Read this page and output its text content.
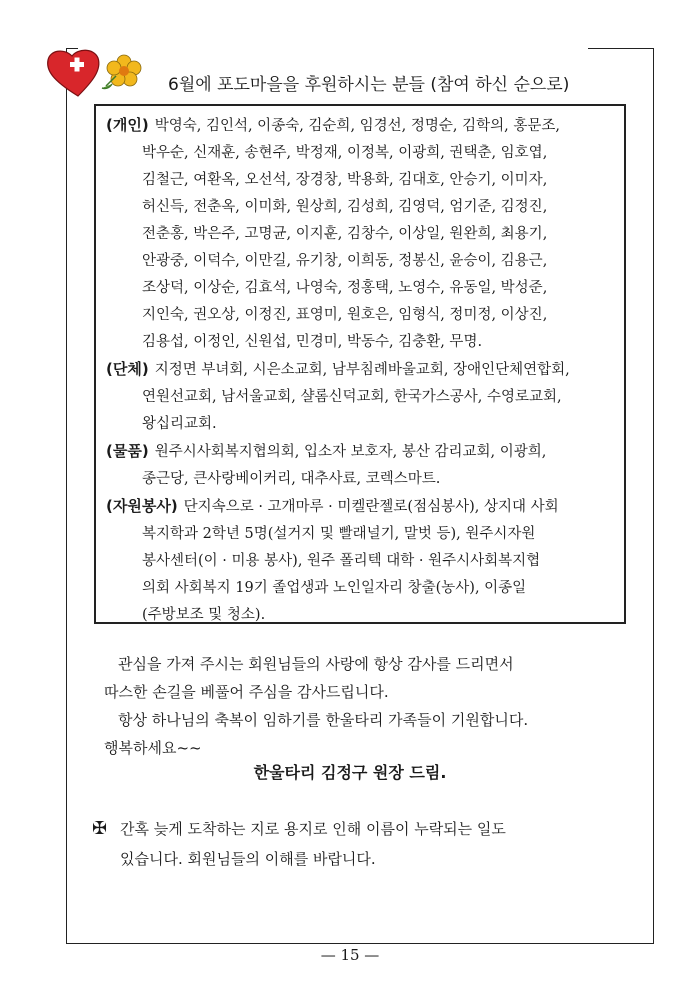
6월에 포도마을을 후원하시는 분들 (참여 하신 순으로)
(개인) 박영숙, 김인석, 이종숙, 김순희, 임경선, 정명순, 김학의, 홍문조,
박우순, 신재훈, 송현주, 박정재, 이정복, 이광희, 권택춘, 임호엽,
김철근, 여환옥, 오선석, 장경창, 박용화, 김대호, 안승기, 이미자,
허신득, 전춘옥, 이미화, 원상희, 김성희, 김영덕, 엄기준, 김정진,
전춘홍, 박은주, 고명균, 이지훈, 김창수, 이상일, 원완희, 최용기,
안광중, 이덕수, 이만길, 유기창, 이희동, 정봉신, 윤승이, 김용근,
조상덕, 이상순, 김효석, 나영숙, 정홍택, 노영수, 유동일, 박성준,
지인숙, 권오상, 이정진, 표영미, 원호은, 임형식, 정미정, 이상진,
김용섭, 이정인, 신원섭, 민경미, 박동수, 김충환, 무명.
(단체) 지정면 부녀회, 시은소교회, 남부침례바울교회, 장애인단체연합회,
연원선교회, 남서울교회, 샬롬신덕교회, 한국가스공사, 수영로교회,
왕십리교회.
(물품) 원주시사회복지협의회, 입소자 보호자, 봉산 감리교회, 이광희,
종근당, 큰사랑베이커리, 대추사료, 코렉스마트.
(자원봉사) 단지속으로 · 고개마루 · 미켈란젤로(점심봉사), 상지대 사회
복지학과 2학년 5명(설거지 및 빨래널기, 말벗 등), 원주시자원
봉사센터(이 · 미용 봉사), 원주 폴리텍 대학 · 원주시사회복지협
의회 사회복지 19기 졸업생과 노인일자리 창출(농사), 이종일
(주방보조 및 청소).
관심을 가져 주시는 회원님들의 사랑에 항상 감사를 드리면서
따스한 손길을 베풀어 주심을 감사드립니다.
항상 하나님의 축복이 임하기를 한울타리 가족들이 기원합니다.
행복하세요~~
한울타리 김정구 원장 드림.
✠ 간혹 늦게 도착하는 지로 용지로 인해 이름이 누락되는 일도
있습니다. 회원님들의 이해를 바랍니다.
— 15 —
